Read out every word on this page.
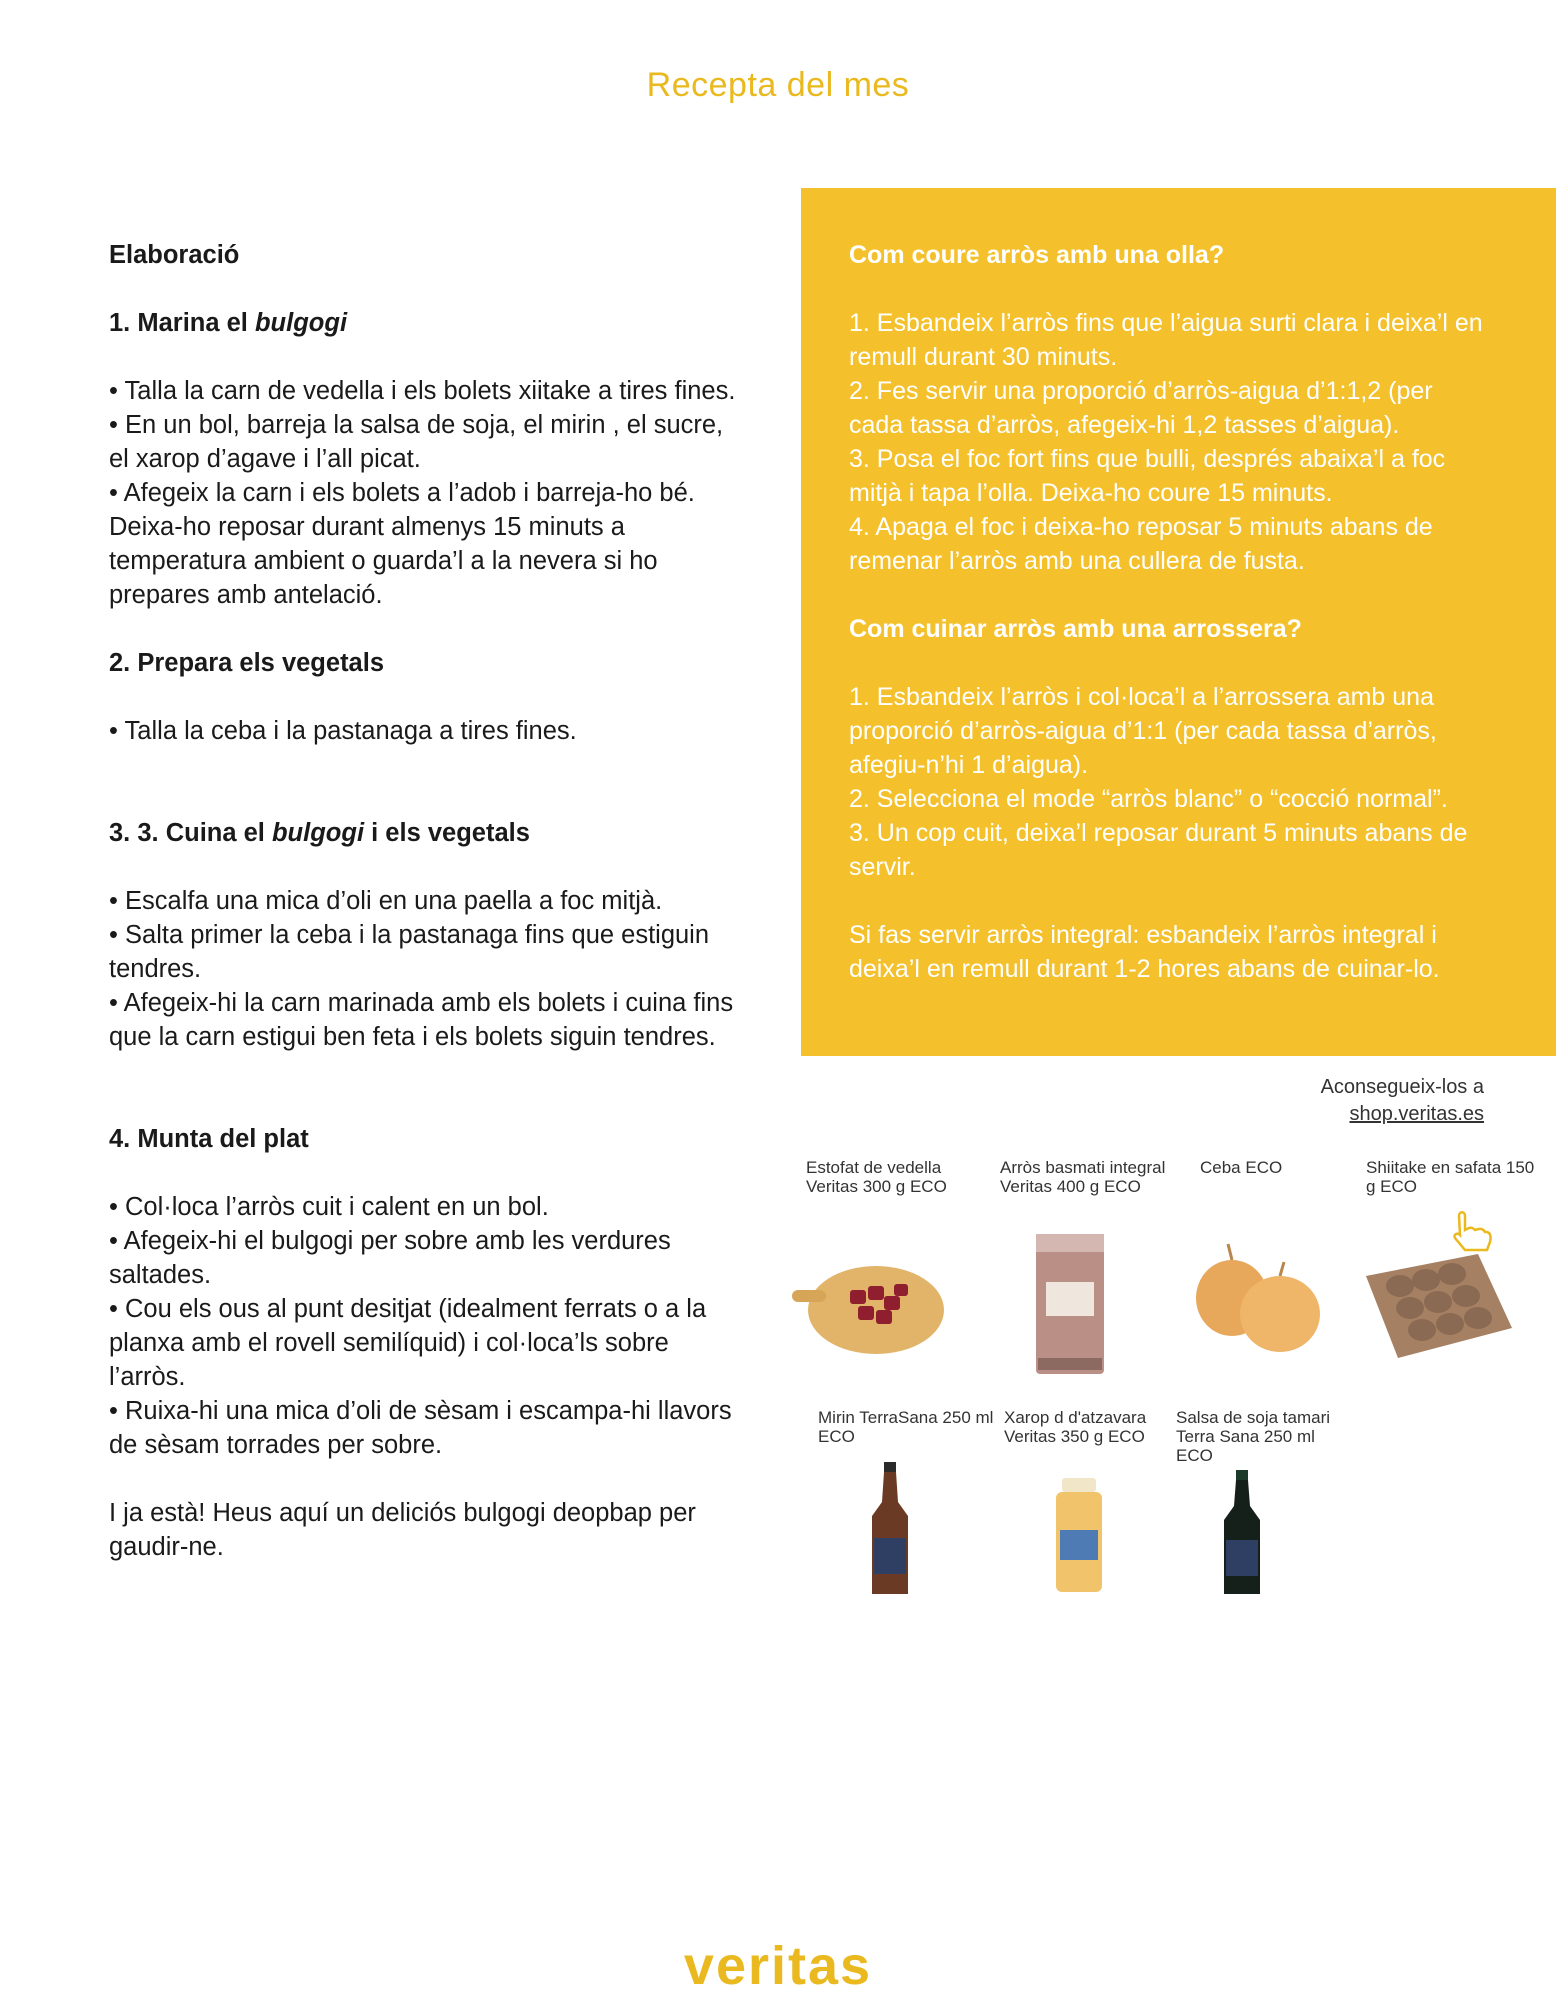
Recepta del mes

Elaboració

1. Marina el bulgogi

• Talla la carn de vedella i els bolets xiitake a tires fines.

• En un bol, barreja la salsa de soja, el mirin , el sucre, el xarop d’agave i l’all picat.

• Afegeix la carn i els bolets a l’adob i barreja-ho bé. Deixa-ho reposar durant almenys 15 minuts a temperatura ambient o guarda’l a la nevera si ho prepares amb antelació.

2. Prepara els vegetals

• Talla la ceba i la pastanaga a tires fines.

3. 3. Cuina el bulgogi i els vegetals

• Escalfa una mica d’oli en una paella a foc mitjà.

• Salta primer la ceba i la pastanaga fins que estiguin tendres.

• Afegeix-hi la carn marinada amb els bolets i cuina fins que la carn estigui ben feta i els bolets siguin tendres.

4. Munta del plat

• Col·loca l’arròs cuit i calent en un bol.

• Afegeix-hi el bulgogi per sobre amb les verdures saltades.

• Cou els ous al punt desitjat (idealment ferrats o a la planxa amb el rovell semilíquid) i col·loca’ls sobre l’arròs.

• Ruixa-hi una mica d’oli de sèsam i escampa-hi llavors de sèsam torrades per sobre.

I ja està! Heus aquí un deliciós bulgogi deopbap per gaudir-ne.

Com coure arròs amb una olla?

1. Esbandeix l’arròs fins que l’aigua surti clara i deixa’l en remull durant 30 minuts.

2. Fes servir una proporció d’arròs-aigua d’1:1,2 (per cada tassa d’arròs, afegeix-hi 1,2 tasses d’aigua).

3. Posa el foc fort fins que bulli, després abaixa’l a foc mitjà i tapa l’olla. Deixa-ho coure 15 minuts.

4. Apaga el foc i deixa-ho reposar 5 minuts abans de remenar l’arròs amb una cullera de fusta.

Com cuinar arròs amb una arrossera?

1. Esbandeix l’arròs i col·loca’l a l’arrossera amb una proporció d’arròs-aigua d’1:1 (per cada tassa d’arròs, afegiu-n’hi 1 d’aigua).

2. Selecciona el mode “arròs blanc” o “cocció normal”.

3. Un cop cuit, deixa’l reposar durant 5 minuts abans de servir.

Si fas servir arròs integral: esbandeix l’arròs integral i deixa’l en remull durant 1-2 hores abans de cuinar-lo.

Aconsegueix-los a
shop.veritas.es
Estofat de vedella Veritas 300 g ECO
Arròs basmati integral Veritas 400 g ECO
Ceba ECO	Shiitake en safata 150 g ECO
Mirin TerraSana 250 ml ECO
Xarop d d'atzavara Veritas 350 g ECO
Salsa de soja tamari Terra Sana 250 ml ECO
veritas
